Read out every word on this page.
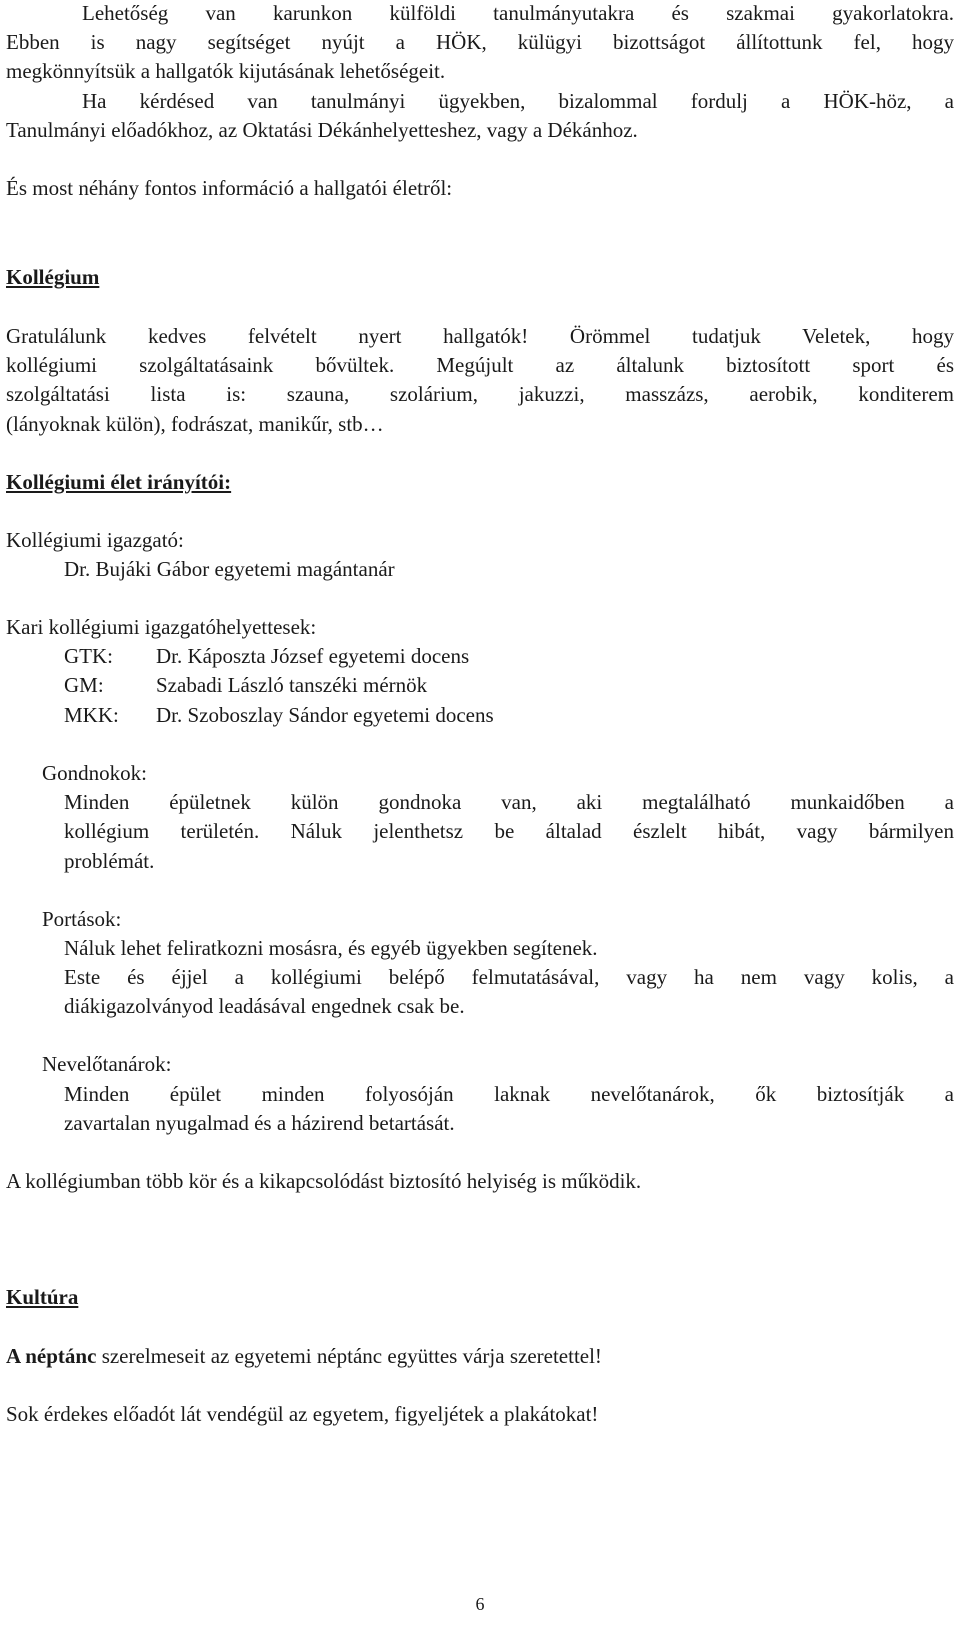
Lehetőség van karunkon külföldi tanulmányutakra és szakmai gyakorlatokra.
Ebben is nagy segítséget nyújt a HÖK, külügyi bizottságot állítottunk fel, hogy
megkönnyítsük a hallgatók kijutásának lehetőségeit.
Ha kérdésed van tanulmányi ügyekben, bizalommal fordulj a HÖK-höz, a
Tanulmányi előadókhoz, az Oktatási Dékánhelyetteshez, vagy a Dékánhoz.
És most néhány fontos információ a hallgatói életről:
Kollégium
Gratulálunk kedves felvételt nyert hallgatók! Örömmel tudatjuk Veletek, hogy
kollégiumi szolgáltatásaink bővültek. Megújult az általunk biztosított sport és
szolgáltatási lista is: szauna, szolárium, jakuzzi, masszázs, aerobik, konditerem
(lányoknak külön), fodrászat, manikűr, stb…
Kollégiumi élet irányítói:
Kollégiumi igazgató:
Dr. Bujáki Gábor egyetemi magántanár
Kari kollégiumi igazgatóhelyettesek:
GTK: Dr. Káposzta József egyetemi docens
GM: Szabadi László tanszéki mérnök
MKK: Dr. Szoboszlay Sándor egyetemi docens
Gondnokok:
Minden épületnek külön gondnoka van, aki megtalálható munkaidőben a
kollégium területén. Náluk jelenthetsz be általad észlelt hibát, vagy bármilyen
problémát.
Portások:
Náluk lehet feliratkozni mosásra, és egyéb ügyekben segítenek.
Este és éjjel a kollégiumi belépő felmutatásával, vagy ha nem vagy kolis, a
diákigazolványod leadásával engednek csak be.
Nevelőtanárok:
Minden épület minden folyosóján laknak nevelőtanárok, ők biztosítják a
zavartalan nyugalmad és a házirend betartását.
A kollégiumban több kör és a kikapcsolódást biztosító helyiség is működik.
Kultúra
A néptánc szerelmeseit az egyetemi néptánc együttes várja szeretettel!
Sok érdekes előadót lát vendégül az egyetem, figyeljétek a plakátokat!
6
